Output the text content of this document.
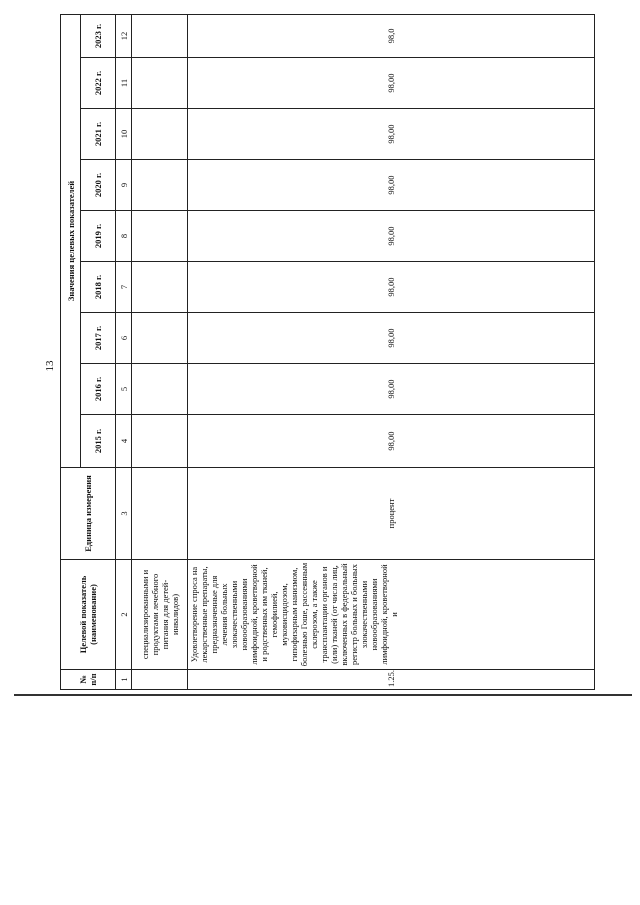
13
№ п/п	Целевой показатель (наименование)	Единица измерения	Значения целевых показателей								
			2015 г.	2016 г.	2017 г.	2018 г.	2019 г.	2020 г.	2021 г.	2022 г.	2023 г.
1	2	3	4	5	6	7	8	9	10	11	12

	специализированными и продуктами лечебного питания для детей-инвалидов)										

1.25.	Удовлетворение спроса на лекарственные препараты, предназначенные для лечения больных злокачественными новообразованиями лимфоидной, кроветворной и родственных им тканей, гемофилией, муковисцидозом, гипофизарным нанизмом, болезнью Гоше, рассеянным склерозом, а также трансплантации органов и (или) тканей (от числа лиц, включенных в федеральный регистр больных и больных злокачественными новообразованиями лимфоидной, кроветворной и	процент	98,00	98,00	98,00	98,00	98,00	98,00	98,00	98,00	98,0
